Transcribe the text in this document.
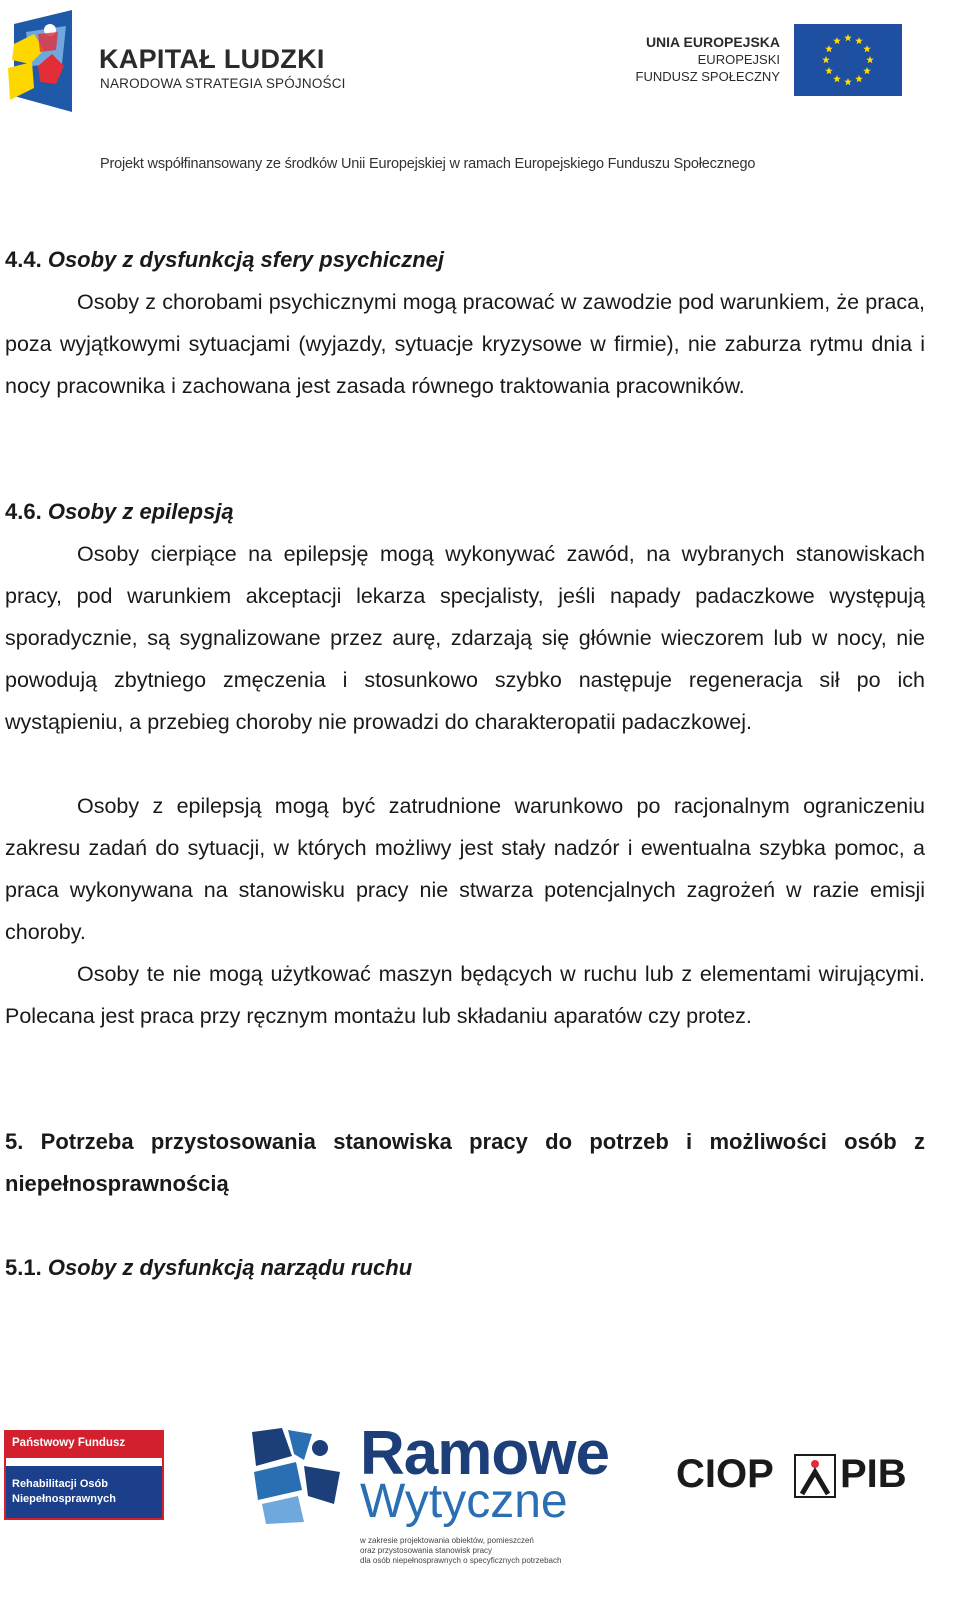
KAPITAŁ LUDZKI
NARODOWA STRATEGIA SPÓJNOŚCI
UNIA EUROPEJSKA
EUROPEJSKI
FUNDUSZ SPOŁECZNY
Projekt współfinansowany ze środków Unii Europejskiej w ramach Europejskiego Funduszu Społecznego

4.4. Osoby z dysfunkcją sfery psychicznej

Osoby z chorobami psychicznymi mogą pracować w zawodzie pod warunkiem, że praca, poza wyjątkowymi sytuacjami (wyjazdy, sytuacje kryzysowe w firmie), nie zaburza rytmu dnia i nocy pracownika i zachowana jest zasada równego traktowania pracowników.

4.6. Osoby z epilepsją

Osoby cierpiące na epilepsję mogą wykonywać zawód, na wybranych stanowiskach pracy, pod warunkiem akceptacji lekarza specjalisty, jeśli napady padaczkowe występują sporadycznie, są sygnalizowane przez aurę, zdarzają się głównie wieczorem lub w nocy, nie powodują zbytniego zmęczenia i stosunkowo szybko następuje regeneracja sił po ich wystąpieniu, a przebieg choroby nie prowadzi do charakteropatii padaczkowej.

Osoby z epilepsją mogą być zatrudnione warunkowo po racjonalnym ograniczeniu zakresu zadań do sytuacji, w których możliwy jest stały nadzór i ewentualna szybka pomoc, a praca wykonywana na stanowisku pracy nie stwarza potencjalnych zagrożeń w razie emisji choroby.

Osoby te nie mogą użytkować maszyn będących w ruchu lub z elementami wirującymi. Polecana jest praca przy ręcznym montażu lub składaniu aparatów czy protez.

5. Potrzeba przystosowania stanowiska pracy do potrzeb i możliwości osób z niepełnosprawnością

5.1. Osoby z dysfunkcją narządu ruchu

Państwowy Fundusz
Rehabilitacji Osób
Niepełnosprawnych
Ramowe
Wytyczne
w zakresie projektowania obiektów, pomieszczeń
oraz przystosowania stanowisk pracy
dla osób niepełnosprawnych o specyficznych potrzebach
CIOP PIB
